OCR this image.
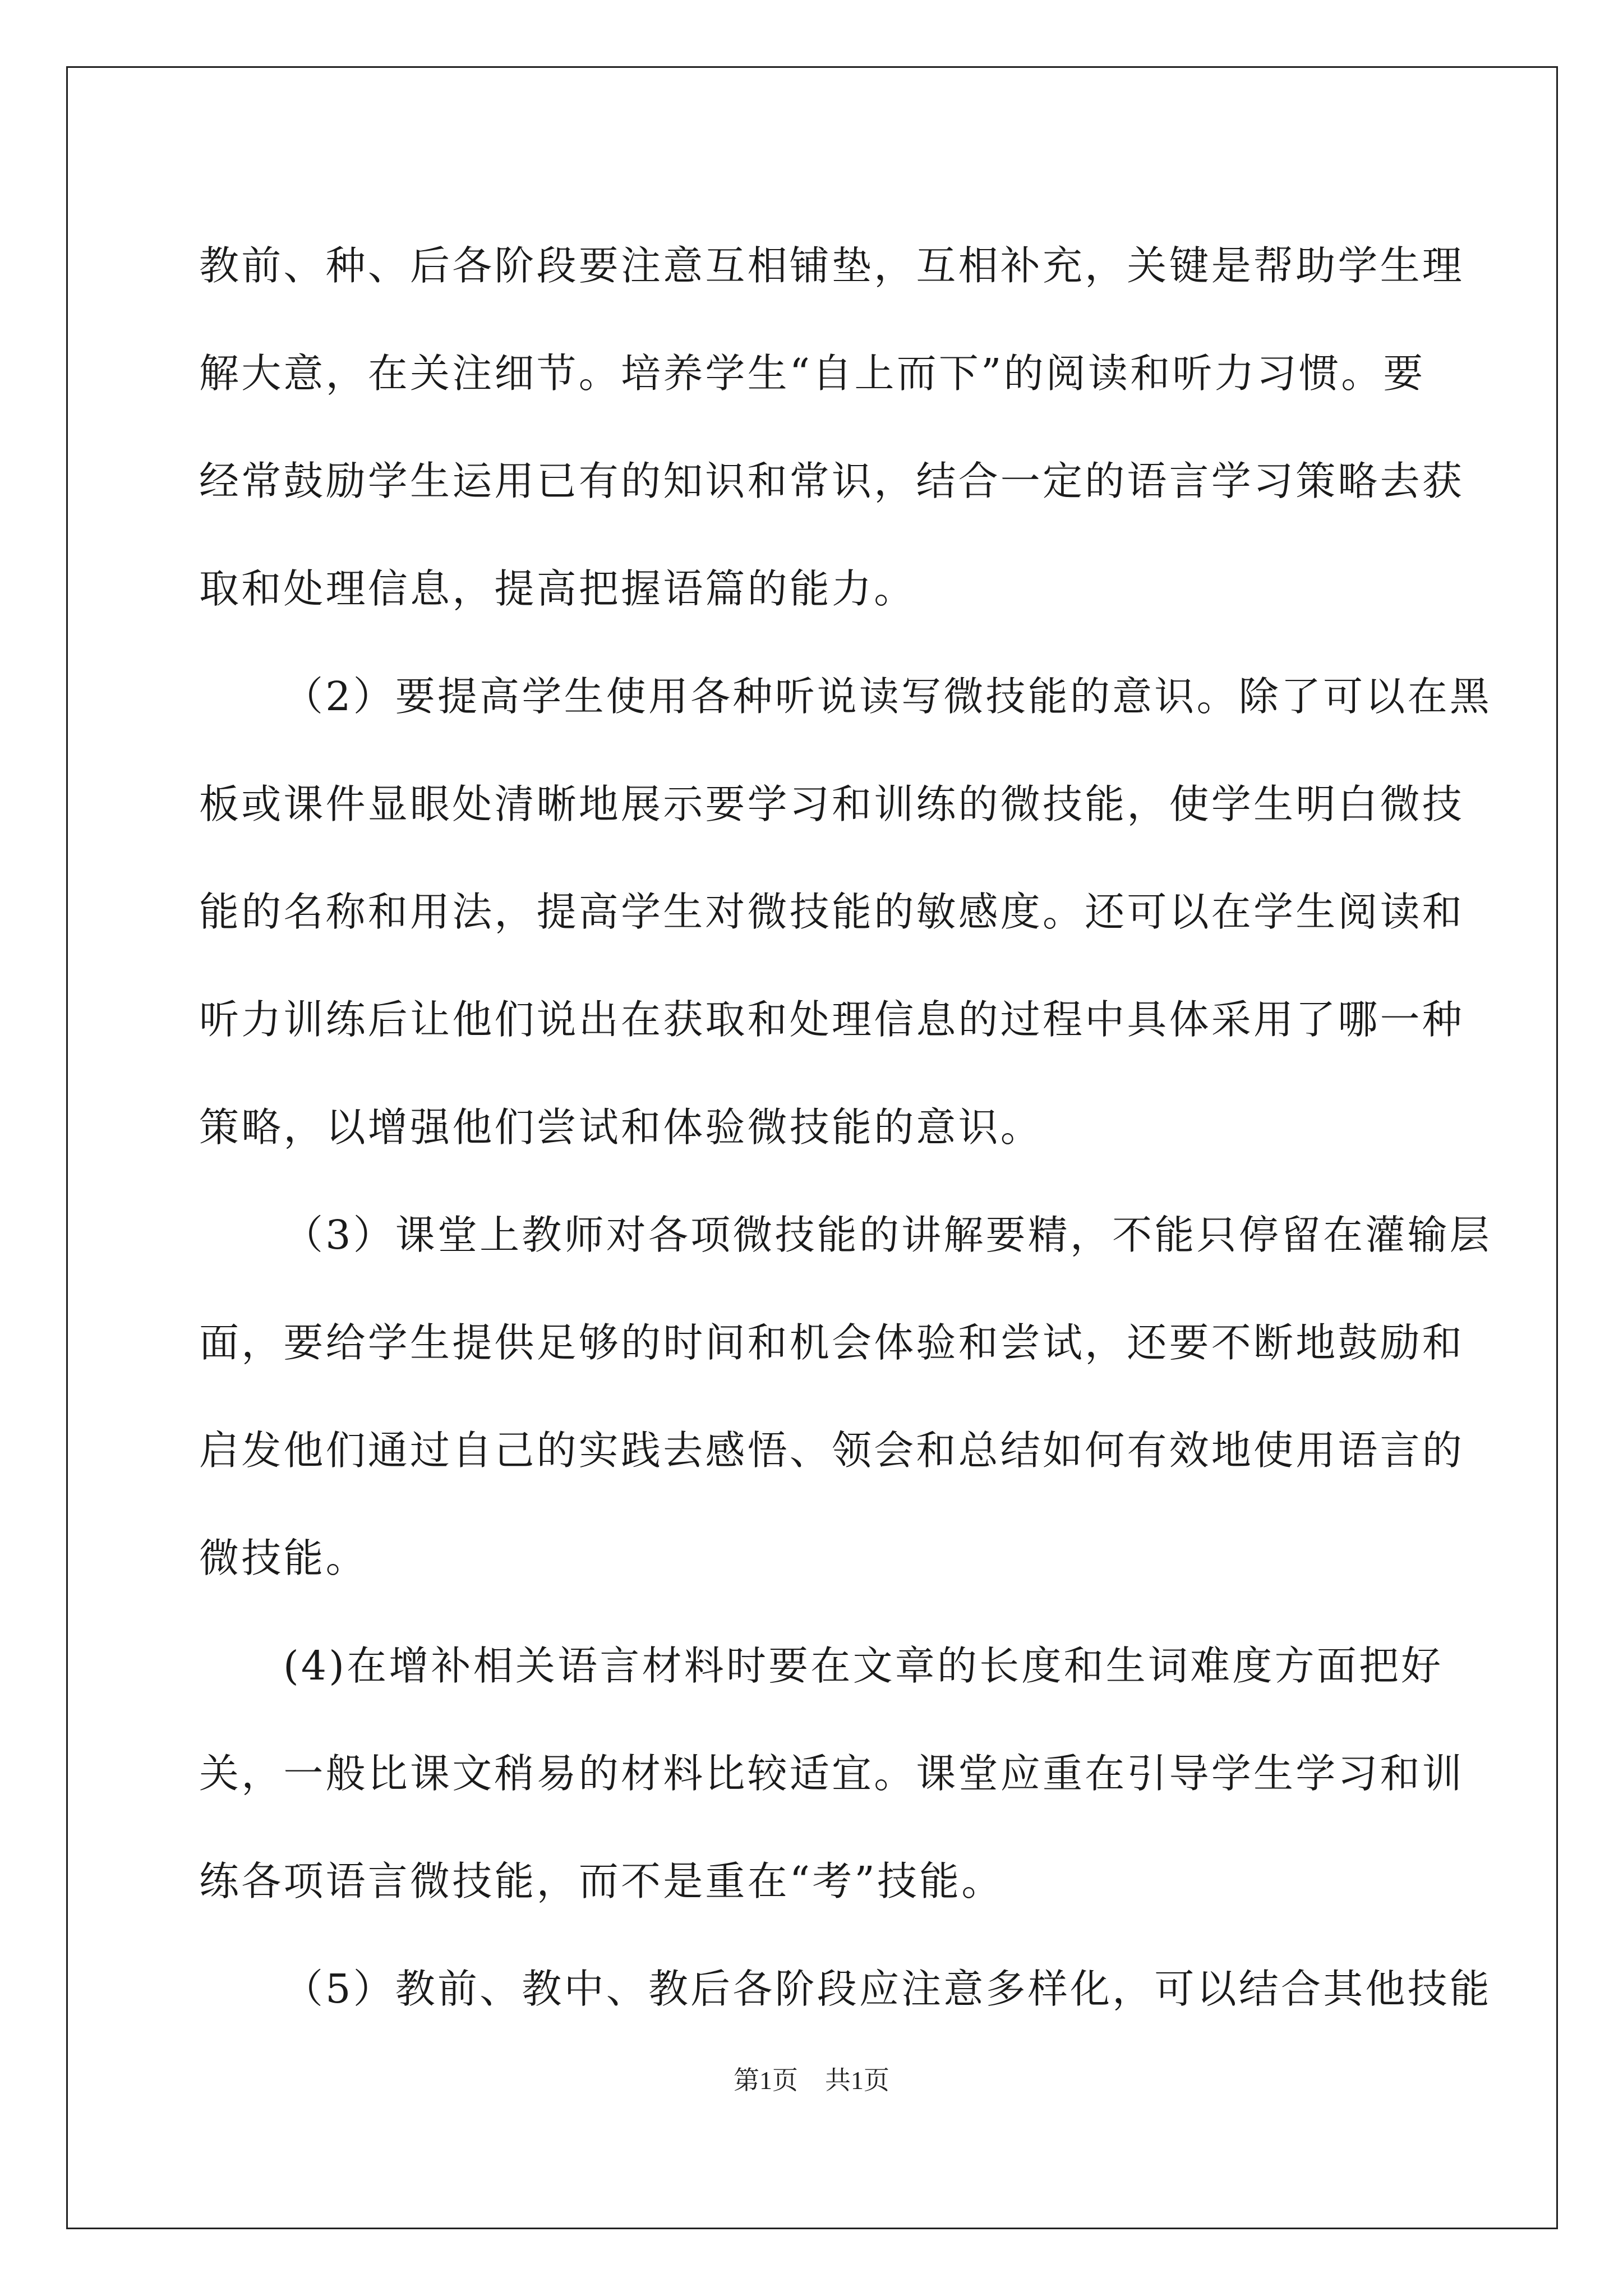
教前、种、后各阶段要注意互相铺垫，互相补充，关键是帮助学生理
解大意，在关注细节。培养学生“自上而下”的阅读和听力习惯。要
经常鼓励学生运用已有的知识和常识，结合一定的语言学习策略去获
取和处理信息，提高把握语篇的能力。
（2）要提高学生使用各种听说读写微技能的意识。除了可以在黑
板或课件显眼处清晰地展示要学习和训练的微技能，使学生明白微技
能的名称和用法，提高学生对微技能的敏感度。还可以在学生阅读和
听力训练后让他们说出在获取和处理信息的过程中具体采用了哪一种
策略，以增强他们尝试和体验微技能的意识。
（3）课堂上教师对各项微技能的讲解要精，不能只停留在灌输层
面，要给学生提供足够的时间和机会体验和尝试，还要不断地鼓励和
启发他们通过自己的实践去感悟、领会和总结如何有效地使用语言的
微技能。
(4)在增补相关语言材料时要在文章的长度和生词难度方面把好
关，一般比课文稍易的材料比较适宜。课堂应重在引导学生学习和训
练各项语言微技能，而不是重在“考”技能。
（5）教前、教中、教后各阶段应注意多样化，可以结合其他技能
第1页 共1页
